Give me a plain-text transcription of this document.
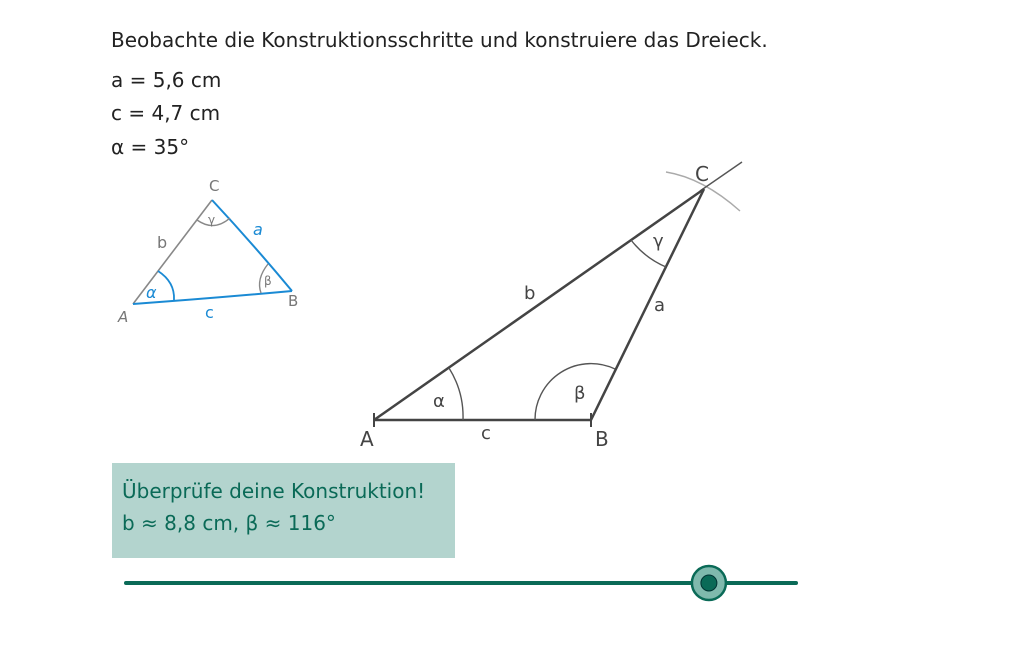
Beobachte die Konstruktionsschritte und konstruiere das Dreieck.
a = 5,6 cm
c = 4,7 cm
α = 35°
C
A
B
b
a
c
α
β
γ
A	B
C
b
a
c
α	β
γ
Überprüfe deine Konstruktion!
b ≈ 8,8 cm, β ≈ 116°
